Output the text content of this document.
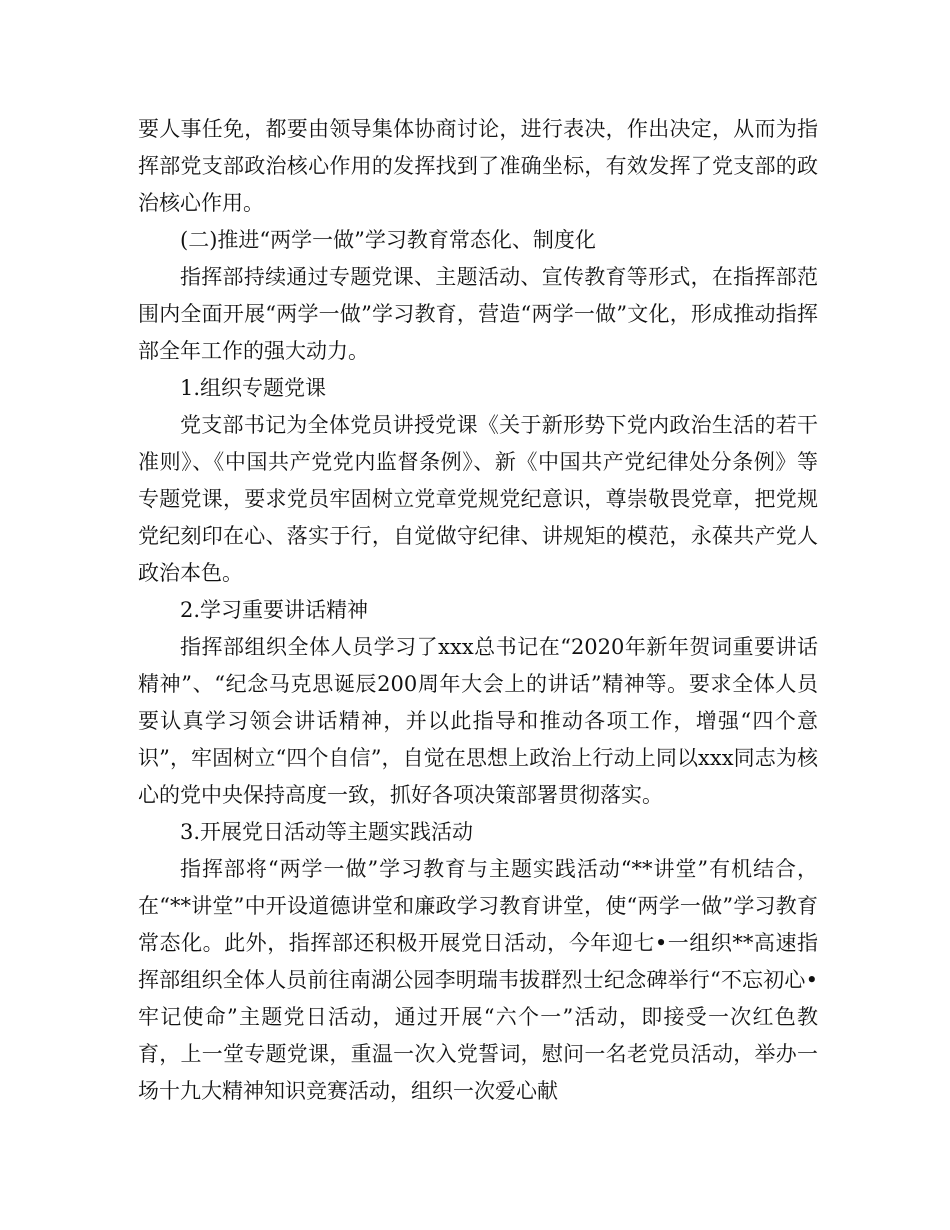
要人事任免，都要由领导集体协商讨论，进行表决，作出决定，从而为指挥部党支部政治核心作用的发挥找到了准确坐标，有效发挥了党支部的政治核心作用。

(二)推进“两学一做”学习教育常态化、制度化

指挥部持续通过专题党课、主题活动、宣传教育等形式，在指挥部范围内全面开展“两学一做”学习教育，营造“两学一做”文化，形成推动指挥部全年工作的强大动力。

1.组织专题党课

党支部书记为全体党员讲授党课《关于新形势下党内政治生活的若干准则》、《中国共产党党内监督条例》、新《中国共产党纪律处分条例》等专题党课，要求党员牢固树立党章党规党纪意识，尊崇敬畏党章，把党规党纪刻印在心、落实于行，自觉做守纪律、讲规矩的模范，永葆共产党人政治本色。

2.学习重要讲话精神

指挥部组织全体人员学习了xxx总书记在“2020年新年贺词重要讲话精神”、“纪念马克思诞辰200周年大会上的讲话”精神等。要求全体人员要认真学习领会讲话精神，并以此指导和推动各项工作，增强“四个意识”，牢固树立“四个自信”，自觉在思想上政治上行动上同以xxx同志为核心的党中央保持高度一致，抓好各项决策部署贯彻落实。

3.开展党日活动等主题实践活动

指挥部将“两学一做”学习教育与主题实践活动“**讲堂”有机结合，在“**讲堂”中开设道德讲堂和廉政学习教育讲堂，使“两学一做”学习教育常态化。此外，指挥部还积极开展党日活动，今年迎七•一组织**高速指挥部组织全体人员前往南湖公园李明瑞韦拔群烈士纪念碑举行“不忘初心•牢记使命”主题党日活动，通过开展“六个一”活动，即接受一次红色教育，上一堂专题党课，重温一次入党誓词，慰问一名老党员活动，举办一场十九大精神知识竞赛活动，组织一次爱心献
